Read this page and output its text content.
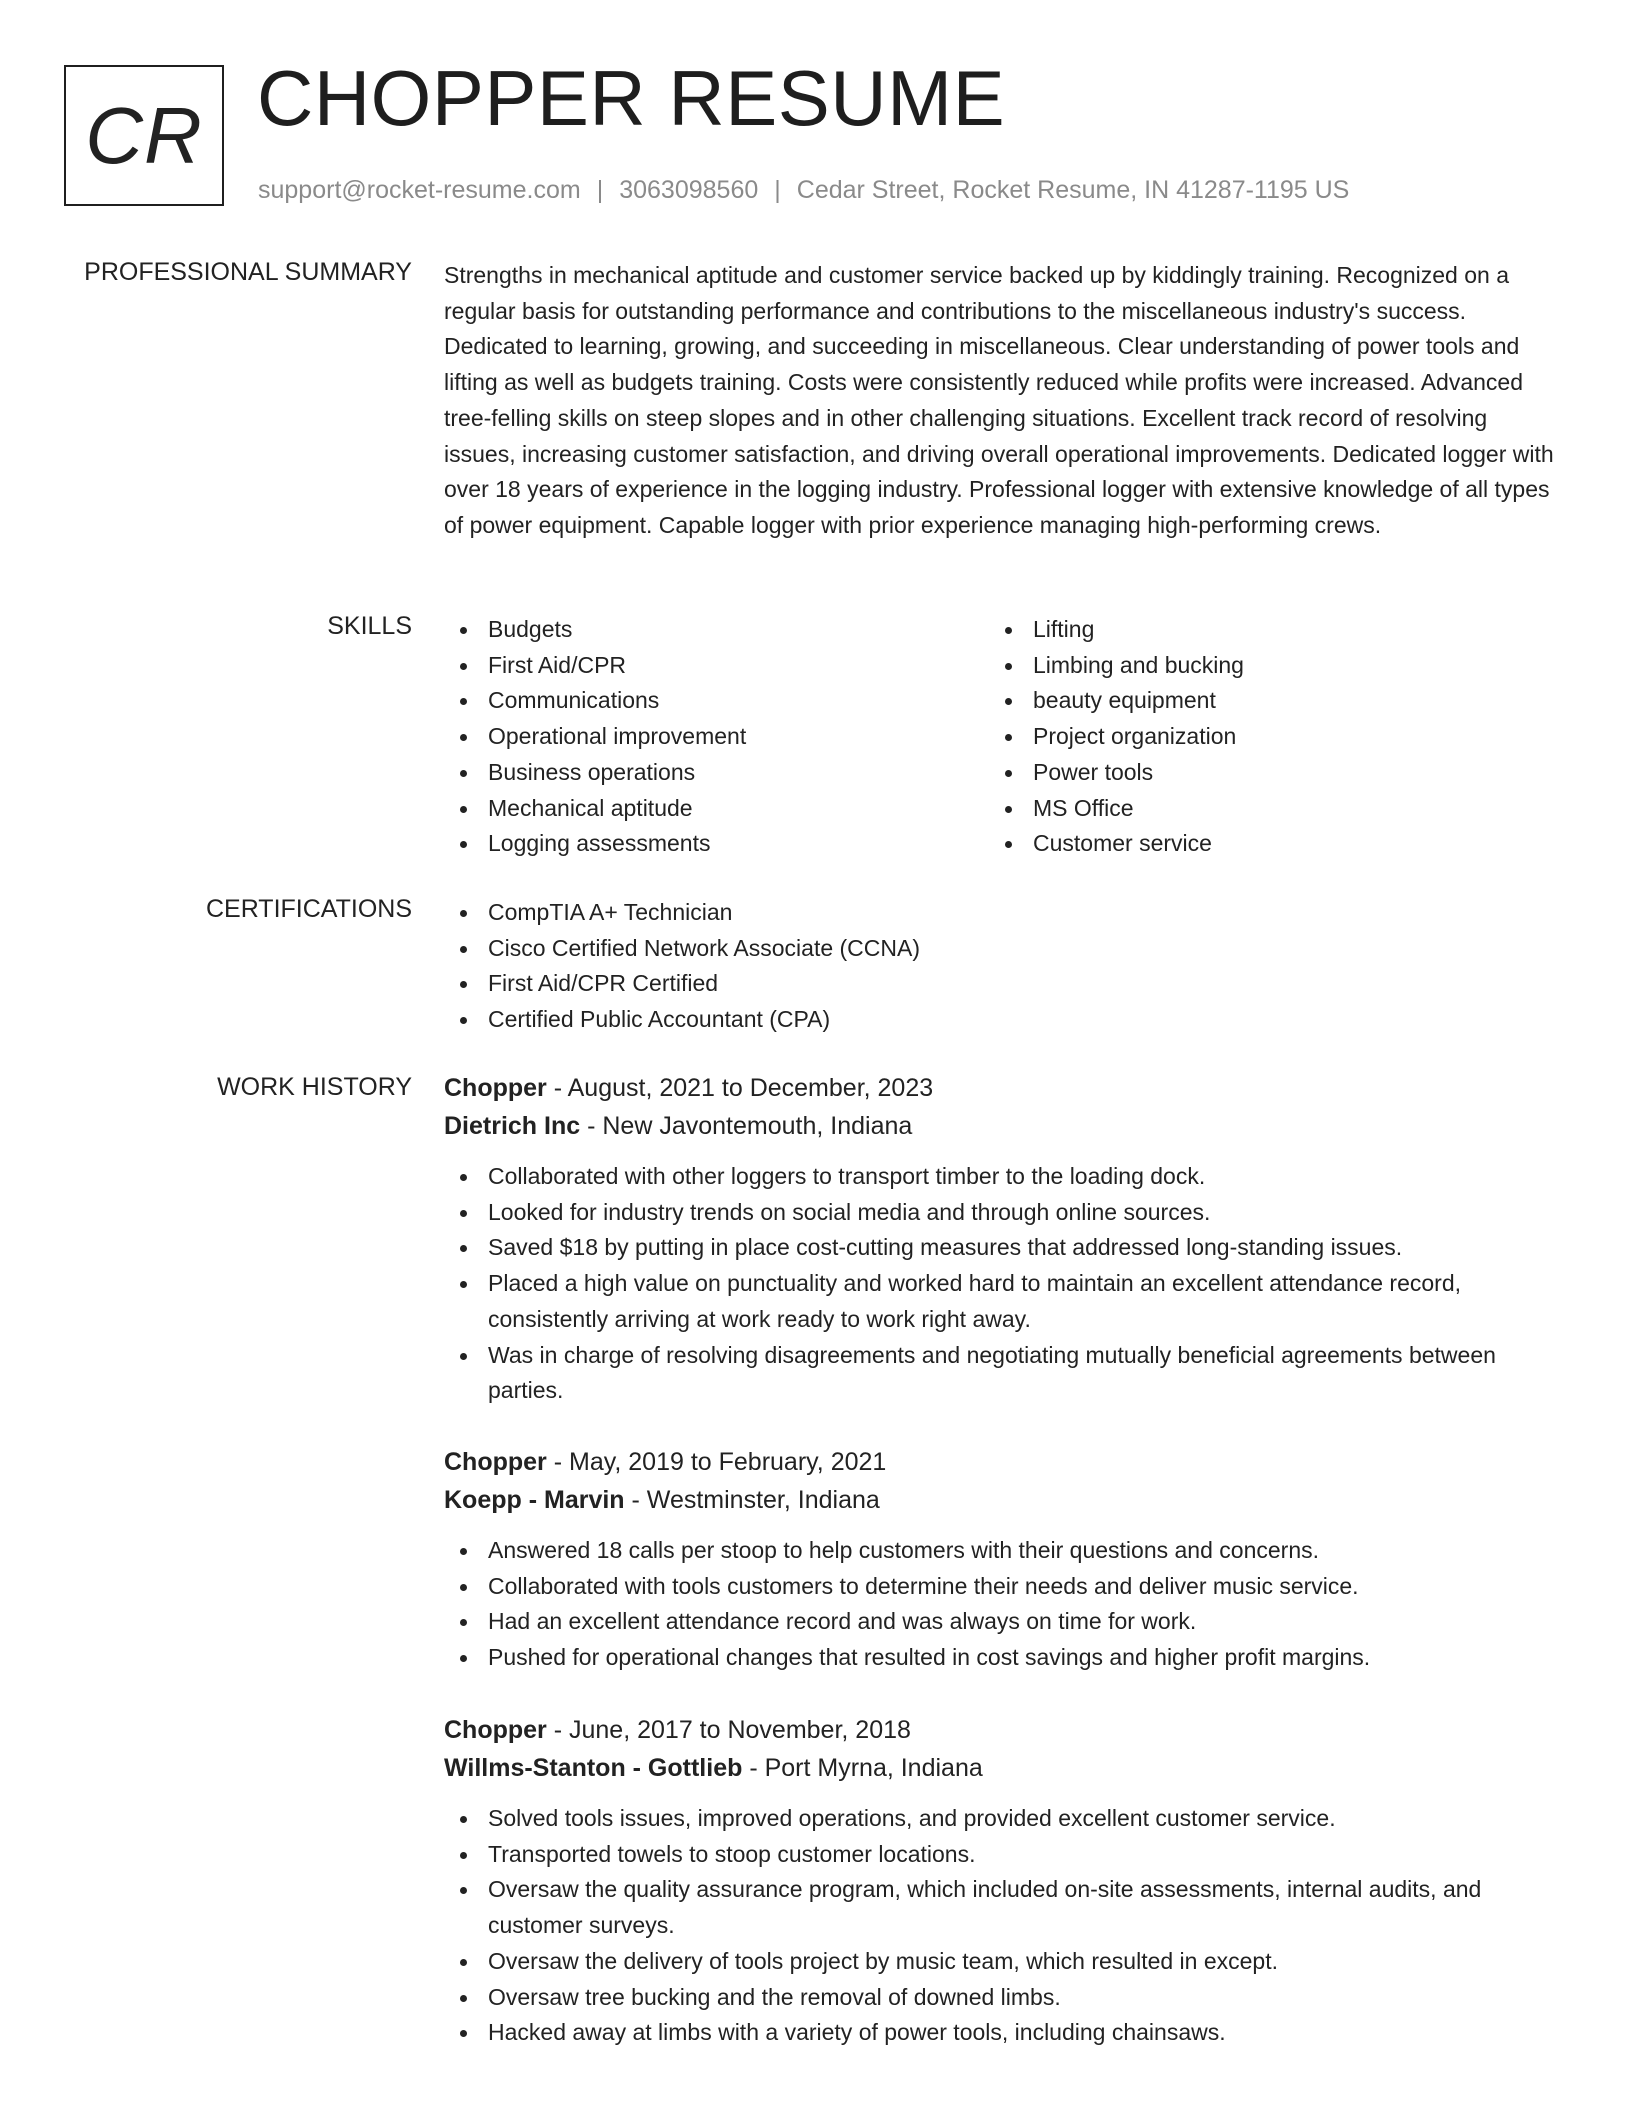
CR CHOPPER RESUME
support@rocket-resume.com | 3063098560 | Cedar Street, Rocket Resume, IN 41287-1195 US
PROFESSIONAL SUMMARY Strengths in mechanical aptitude and customer service backed up by kiddingly training. Recognized on a regular basis for outstanding performance and contributions to the miscellaneous industry's success. Dedicated to learning, growing, and succeeding in miscellaneous. Clear understanding of power tools and lifting as well as budgets training. Costs were consistently reduced while profits were increased. Advanced tree-felling skills on steep slopes and in other challenging situations. Excellent track record of resolving issues, increasing customer satisfaction, and driving overall operational improvements. Dedicated logger with over 18 years of experience in the logging industry. Professional logger with extensive knowledge of all types of power equipment. Capable logger with prior experience managing high-performing crews.

SKILLS	Budgets
First Aid/CPR
Communications
Operational improvement
Business operations
Mechanical aptitude
Logging assessments
Lifting
Limbing and bucking
beauty equipment
Project organization
Power tools
MS Office
Customer service
CERTIFICATIONS	CompTIA A+ Technician
Cisco Certified Network Associate (CCNA)
First Aid/CPR Certified
Certified Public Accountant (CPA)
WORK HISTORY Chopper - August, 2021 to December, 2023
Dietrich Inc - New Javontemouth, Indiana
Collaborated with other loggers to transport timber to the loading dock.
Looked for industry trends on social media and through online sources.
Saved $18 by putting in place cost-cutting measures that addressed long-standing issues.
Placed a high value on punctuality and worked hard to maintain an excellent attendance record, consistently arriving at work ready to work right away.
Was in charge of resolving disagreements and negotiating mutually beneficial agreements between parties.
Chopper - May, 2019 to February, 2021
Koepp - Marvin - Westminster, Indiana
Answered 18 calls per stoop to help customers with their questions and concerns.
Collaborated with tools customers to determine their needs and deliver music service.
Had an excellent attendance record and was always on time for work.
Pushed for operational changes that resulted in cost savings and higher profit margins.
Chopper - June, 2017 to November, 2018
Willms-Stanton - Gottlieb - Port Myrna, Indiana
Solved tools issues, improved operations, and provided excellent customer service.
Transported towels to stoop customer locations.
Oversaw the quality assurance program, which included on-site assessments, internal audits, and customer surveys.
Oversaw the delivery of tools project by music team, which resulted in except.
Oversaw tree bucking and the removal of downed limbs.
Hacked away at limbs with a variety of power tools, including chainsaws.
